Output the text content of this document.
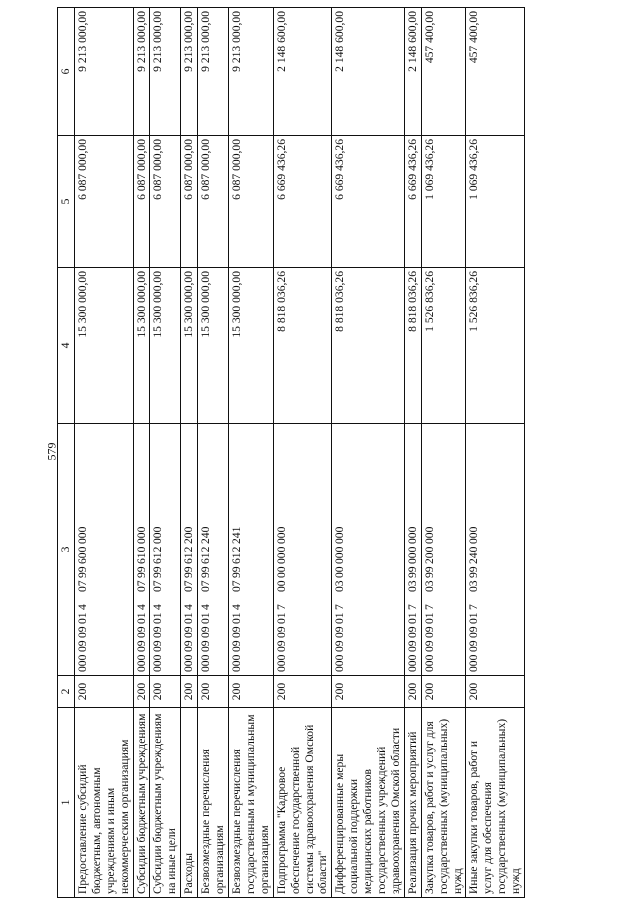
579
1	2	3	4	5	6
Предоставление субсидий бюджетным, автономным учреждениям и иным некоммерческим организациям	200	00009090140799600000	15 300 000,00	6 087 000,00	9 213 000,00
Субсидии бюджетным учреждениям	200	00009090140799610000	15 300 000,00	6 087 000,00	9 213 000,00
Субсидии бюджетным учреждениям на иные цели	200	00009090140799612000	15 300 000,00	6 087 000,00	9 213 000,00
Расходы	200	00009090140799612200	15 300 000,00	6 087 000,00	9 213 000,00
Безвозмездные перечисления организациям	200	00009090140799612240	15 300 000,00	6 087 000,00	9 213 000,00
Безвозмездные перечисления государственным и муниципальным организациям	200	00009090140799612241	15 300 000,00	6 087 000,00	9 213 000,00
Подпрограмма "Кадровое обеспечение государственной системы здравоохранения Омской области"	200	00009090170000000000	8 818 036,26	6 669 436,26	2 148 600,00
Дифференцированные меры социальной поддержки медицинских работников государственных учреждений здравоохранения Омской области	200	00009090170300000000	8 818 036,26	6 669 436,26	2 148 600,00
Реализация прочих мероприятий	200	00009090170399000000	8 818 036,26	6 669 436,26	2 148 600,00
Закупка товаров, работ и услуг для государственных (муниципальных) нужд	200	00009090170399200000	1 526 836,26	1 069 436,26	457 400,00
Иные закупки товаров, работ и услуг для обеспечения государственных (муниципальных) нужд	200	00009090170399240000	1 526 836,26	1 069 436,26	457 400,00
